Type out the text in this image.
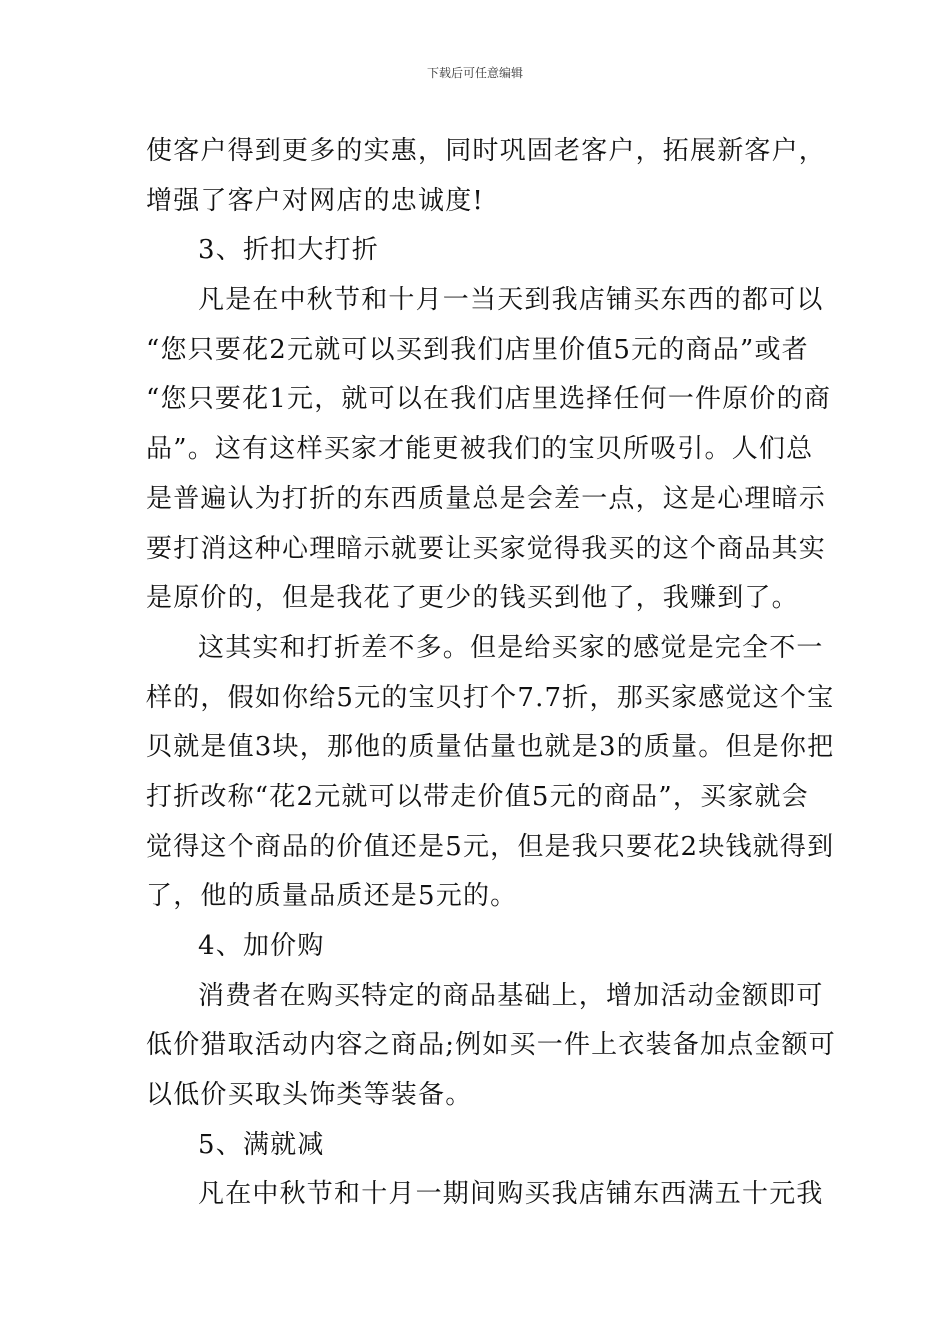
下载后可任意编辑
使客户得到更多的实惠，同时巩固老客户，拓展新客户，
增强了客户对网店的忠诚度!
3、折扣大打折
凡是在中秋节和十月一当天到我店铺买东西的都可以
“您只要花2元就可以买到我们店里价值5元的商品”或者
“您只要花1元，就可以在我们店里选择任何一件原价的商
品”。这有这样买家才能更被我们的宝贝所吸引。人们总
是普遍认为打折的东西质量总是会差一点，这是心理暗示
要打消这种心理暗示就要让买家觉得我买的这个商品其实
是原价的，但是我花了更少的钱买到他了，我赚到了。
这其实和打折差不多。但是给买家的感觉是完全不一
样的，假如你给5元的宝贝打个7.7折，那买家感觉这个宝
贝就是值3块，那他的质量估量也就是3的质量。但是你把
打折改称“花2元就可以带走价值5元的商品”，买家就会
觉得这个商品的价值还是5元，但是我只要花2块钱就得到
了，他的质量品质还是5元的。
4、加价购
消费者在购买特定的商品基础上，增加活动金额即可
低价猎取活动内容之商品;例如买一件上衣装备加点金额可
以低价买取头饰类等装备。
5、满就减
凡在中秋节和十月一期间购买我店铺东西满五十元我
